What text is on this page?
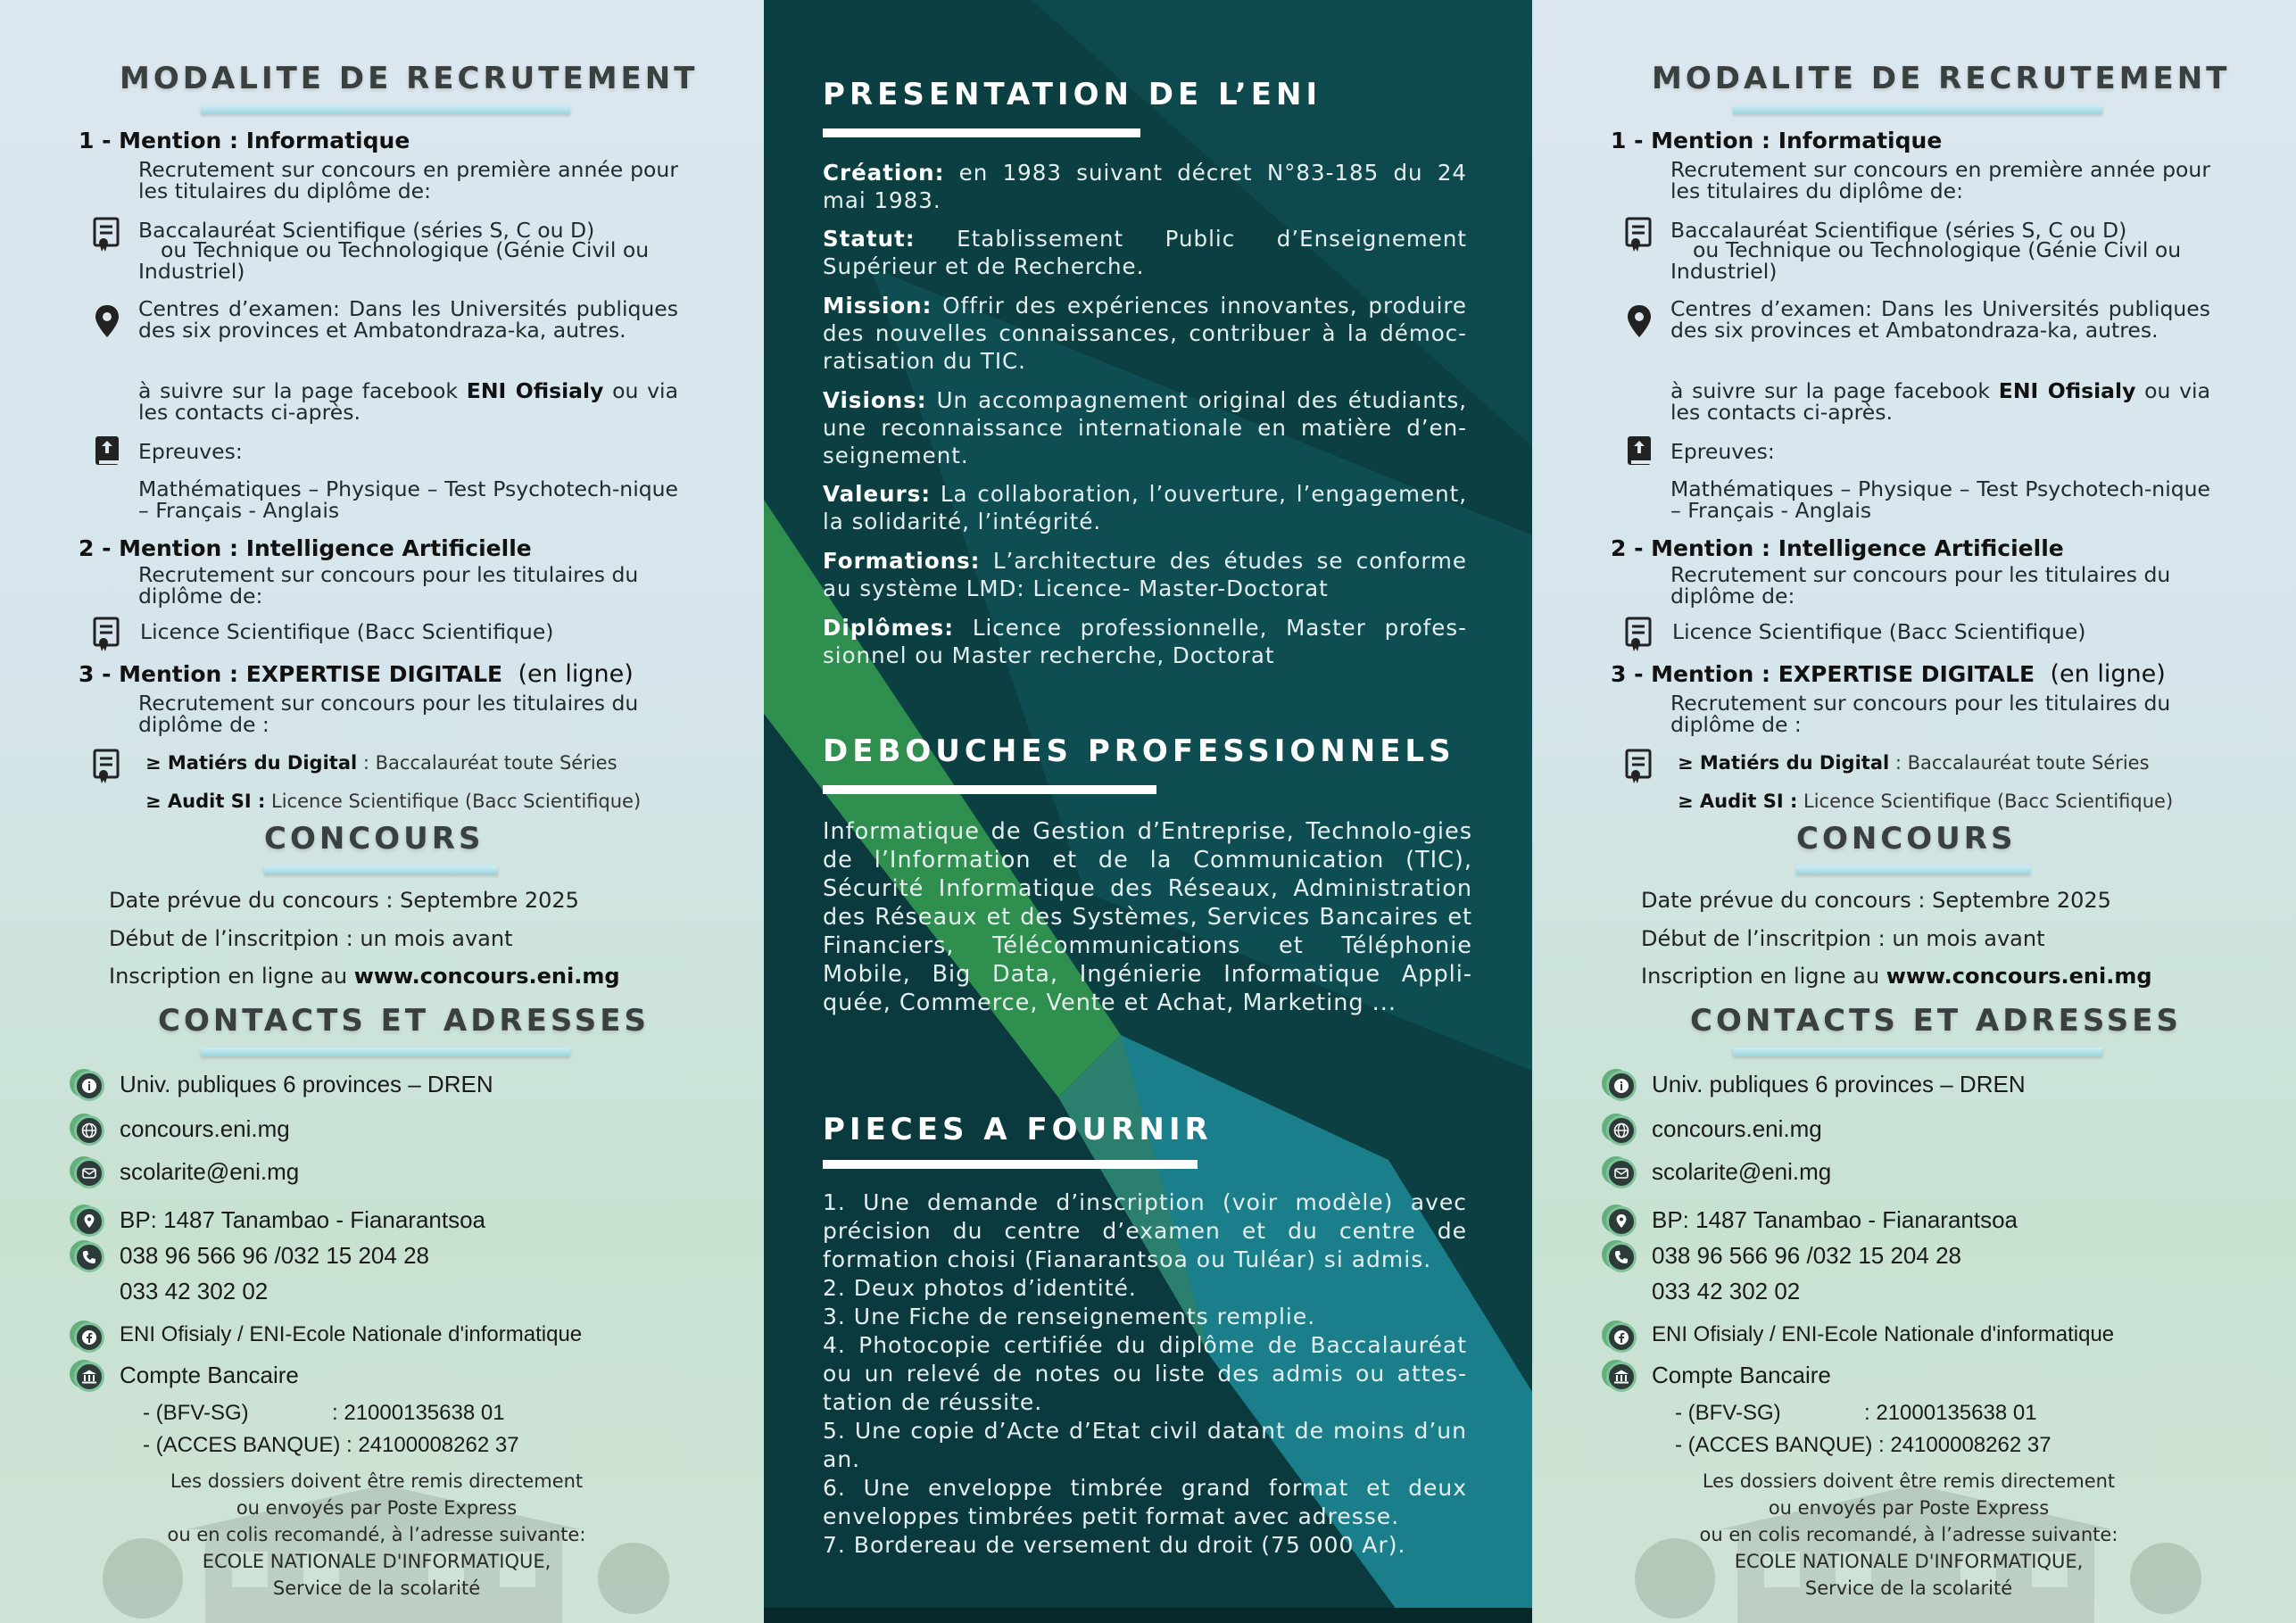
MODALITE DE RECRUTEMENT
1 - Mention : Informatique
Recrutement sur concours en première année pour les titulaires du diplôme de:
Baccalauréat Scientifique (séries S, C ou D)
ou Technique ou Technologique (Génie Civil ou Industriel)
Centres d’examen: Dans les Universités publiques des six provinces et Ambatondraza-ka, autres.
à suivre sur la page facebook ENI Ofisialy ou via les contacts ci-après.
Epreuves:
Mathématiques – Physique – Test Psychotech-nique – Français - Anglais
2 - Mention : Intelligence Artificielle
Recrutement sur concours pour les titulaires du diplôme de:
Licence Scientifique (Bacc Scientifique)
3 - Mention : EXPERTISE DIGITALE (en ligne)
Recrutement sur concours pour les titulaires du diplôme de :
≥ Matiérs du Digital : Baccalauréat toute Séries
≥ Audit SI : Licence Scientifique (Bacc Scientifique)
CONCOURS
Date prévue du concours : Septembre 2025
Début de l’inscritpion : un mois avant
Inscription en ligne au www.concours.eni.mg
CONTACTS ET ADRESSES
Univ. publiques 6 provinces – DREN
concours.eni.mg
scolarite@eni.mg
BP: 1487 Tanambao - Fianarantsoa
038 96 566 96 /032 15 204 28
033 42 302 02
ENI Ofisialy / ENI-Ecole Nationale d'informatique
Compte Bancaire
- (BFV-SG)              : 21000135638 01
- (ACCES BANQUE) : 24100008262 37
Les dossiers doivent être remis directement
ou envoyés par Poste Express
ou en colis recomandé, à l’adresse suivante:
ECOLE NATIONALE D'INFORMATIQUE,
Service de la scolarité
PRESENTATION DE L’ENI
Création: en 1983 suivant décret N°83-185 du 24 mai 1983.
Statut: Etablissement Public d’Enseignement Supérieur et de Recherche.
Mission: Offrir des expériences innovantes, produire des nouvelles connaissances, contribuer à la démoc-ratisation du TIC.
Visions: Un accompagnement original des étudiants, une reconnaissance internationale en matière d’en-seignement.
Valeurs: La collaboration, l’ouverture, l’engagement, la solidarité, l’intégrité.
Formations: L’architecture des études se conforme au système LMD: Licence- Master-Doctorat
Diplômes: Licence professionnelle, Master profes-sionnel ou Master recherche, Doctorat
DEBOUCHES PROFESSIONNELS
Informatique de Gestion d’Entreprise, Technolo-gies de l’Information et de la Communication (TIC), Sécurité Informatique des Réseaux, Administration des Réseaux et des Systèmes, Services Bancaires et Financiers, Télécommunications et Téléphonie Mobile, Big Data, Ingénierie Informatique Appli-quée, Commerce, Vente et Achat, Marketing ...
PIECES A FOURNIR
1. Une demande d’inscription (voir modèle) avec précision du centre d’examen et du centre de formation choisi (Fianarantsoa ou Tuléar) si admis.
2. Deux photos d’identité.
3. Une Fiche de renseignements remplie.
4. Photocopie certifiée du diplôme de Baccalauréat ou un relevé de notes ou liste des admis ou attes-tation de réussite.
5. Une copie d’Acte d’Etat civil datant de moins d’un an.
6. Une enveloppe timbrée grand format et deux enveloppes timbrées petit format avec adresse.
7. Bordereau de versement du droit (75 000 Ar).
MODALITE DE RECRUTEMENT
1 - Mention : Informatique
Recrutement sur concours en première année pour les titulaires du diplôme de:
Baccalauréat Scientifique (séries S, C ou D)
ou Technique ou Technologique (Génie Civil ou Industriel)
Centres d’examen: Dans les Universités publiques des six provinces et Ambatondraza-ka, autres.
à suivre sur la page facebook ENI Ofisialy ou via les contacts ci-après.
Epreuves:
Mathématiques – Physique – Test Psychotech-nique – Français - Anglais
2 - Mention : Intelligence Artificielle
Recrutement sur concours pour les titulaires du diplôme de:
Licence Scientifique (Bacc Scientifique)
3 - Mention : EXPERTISE DIGITALE (en ligne)
Recrutement sur concours pour les titulaires du diplôme de :
≥ Matiérs du Digital : Baccalauréat toute Séries
≥ Audit SI : Licence Scientifique (Bacc Scientifique)
CONCOURS
Date prévue du concours : Septembre 2025
Début de l’inscritpion : un mois avant
Inscription en ligne au www.concours.eni.mg
CONTACTS ET ADRESSES
Univ. publiques 6 provinces – DREN
concours.eni.mg
scolarite@eni.mg
BP: 1487 Tanambao - Fianarantsoa
038 96 566 96 /032 15 204 28
033 42 302 02
ENI Ofisialy / ENI-Ecole Nationale d'informatique
Compte Bancaire
- (BFV-SG)              : 21000135638 01
- (ACCES BANQUE) : 24100008262 37
Les dossiers doivent être remis directement
ou envoyés par Poste Express
ou en colis recomandé, à l’adresse suivante:
ECOLE NATIONALE D'INFORMATIQUE,
Service de la scolarité
